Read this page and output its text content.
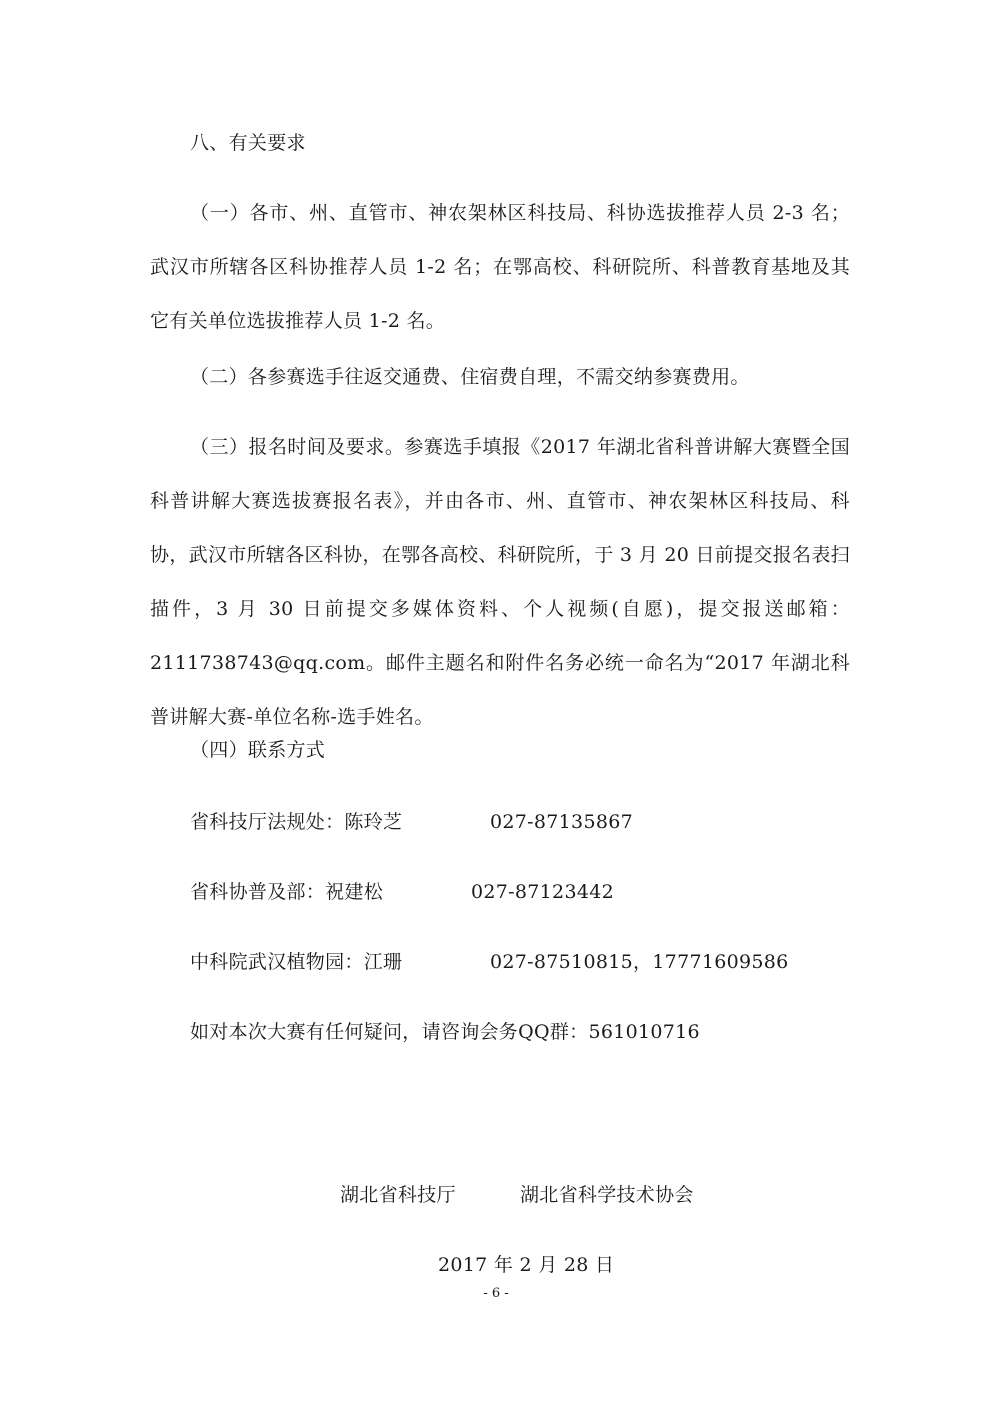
八、有关要求
（一）各市、州、直管市、神农架林区科技局、科协选拔推荐人员 2-3 名；武汉市所辖各区科协推荐人员 1-2 名；在鄂高校、科研院所、科普教育基地及其它有关单位选拔推荐人员 1-2 名。
（二）各参赛选手往返交通费、住宿费自理，不需交纳参赛费用。
（三）报名时间及要求。参赛选手填报《2017 年湖北省科普讲解大赛暨全国科普讲解大赛选拔赛报名表》，并由各市、州、直管市、神农架林区科技局、科协，武汉市所辖各区科协，在鄂各高校、科研院所，于 3 月 20 日前提交报名表扫描件，3 月 30 日前提交多媒体资料、个人视频(自愿)，提交报送邮箱：2111738743@qq.com。邮件主题名和附件名务必统一命名为“2017 年湖北科普讲解大赛-单位名称-选手姓名。
（四）联系方式
省科技厅法规处：陈玲芝	027-87135867
省科协普及部：祝建松	027-87123442
中科院武汉植物园：江珊	027-87510815，17771609586
如对本次大赛有任何疑问，请咨询会务QQ群：561010716
湖北省科技厅	湖北省科学技术协会
2017 年 2 月 28 日
- 6 -
